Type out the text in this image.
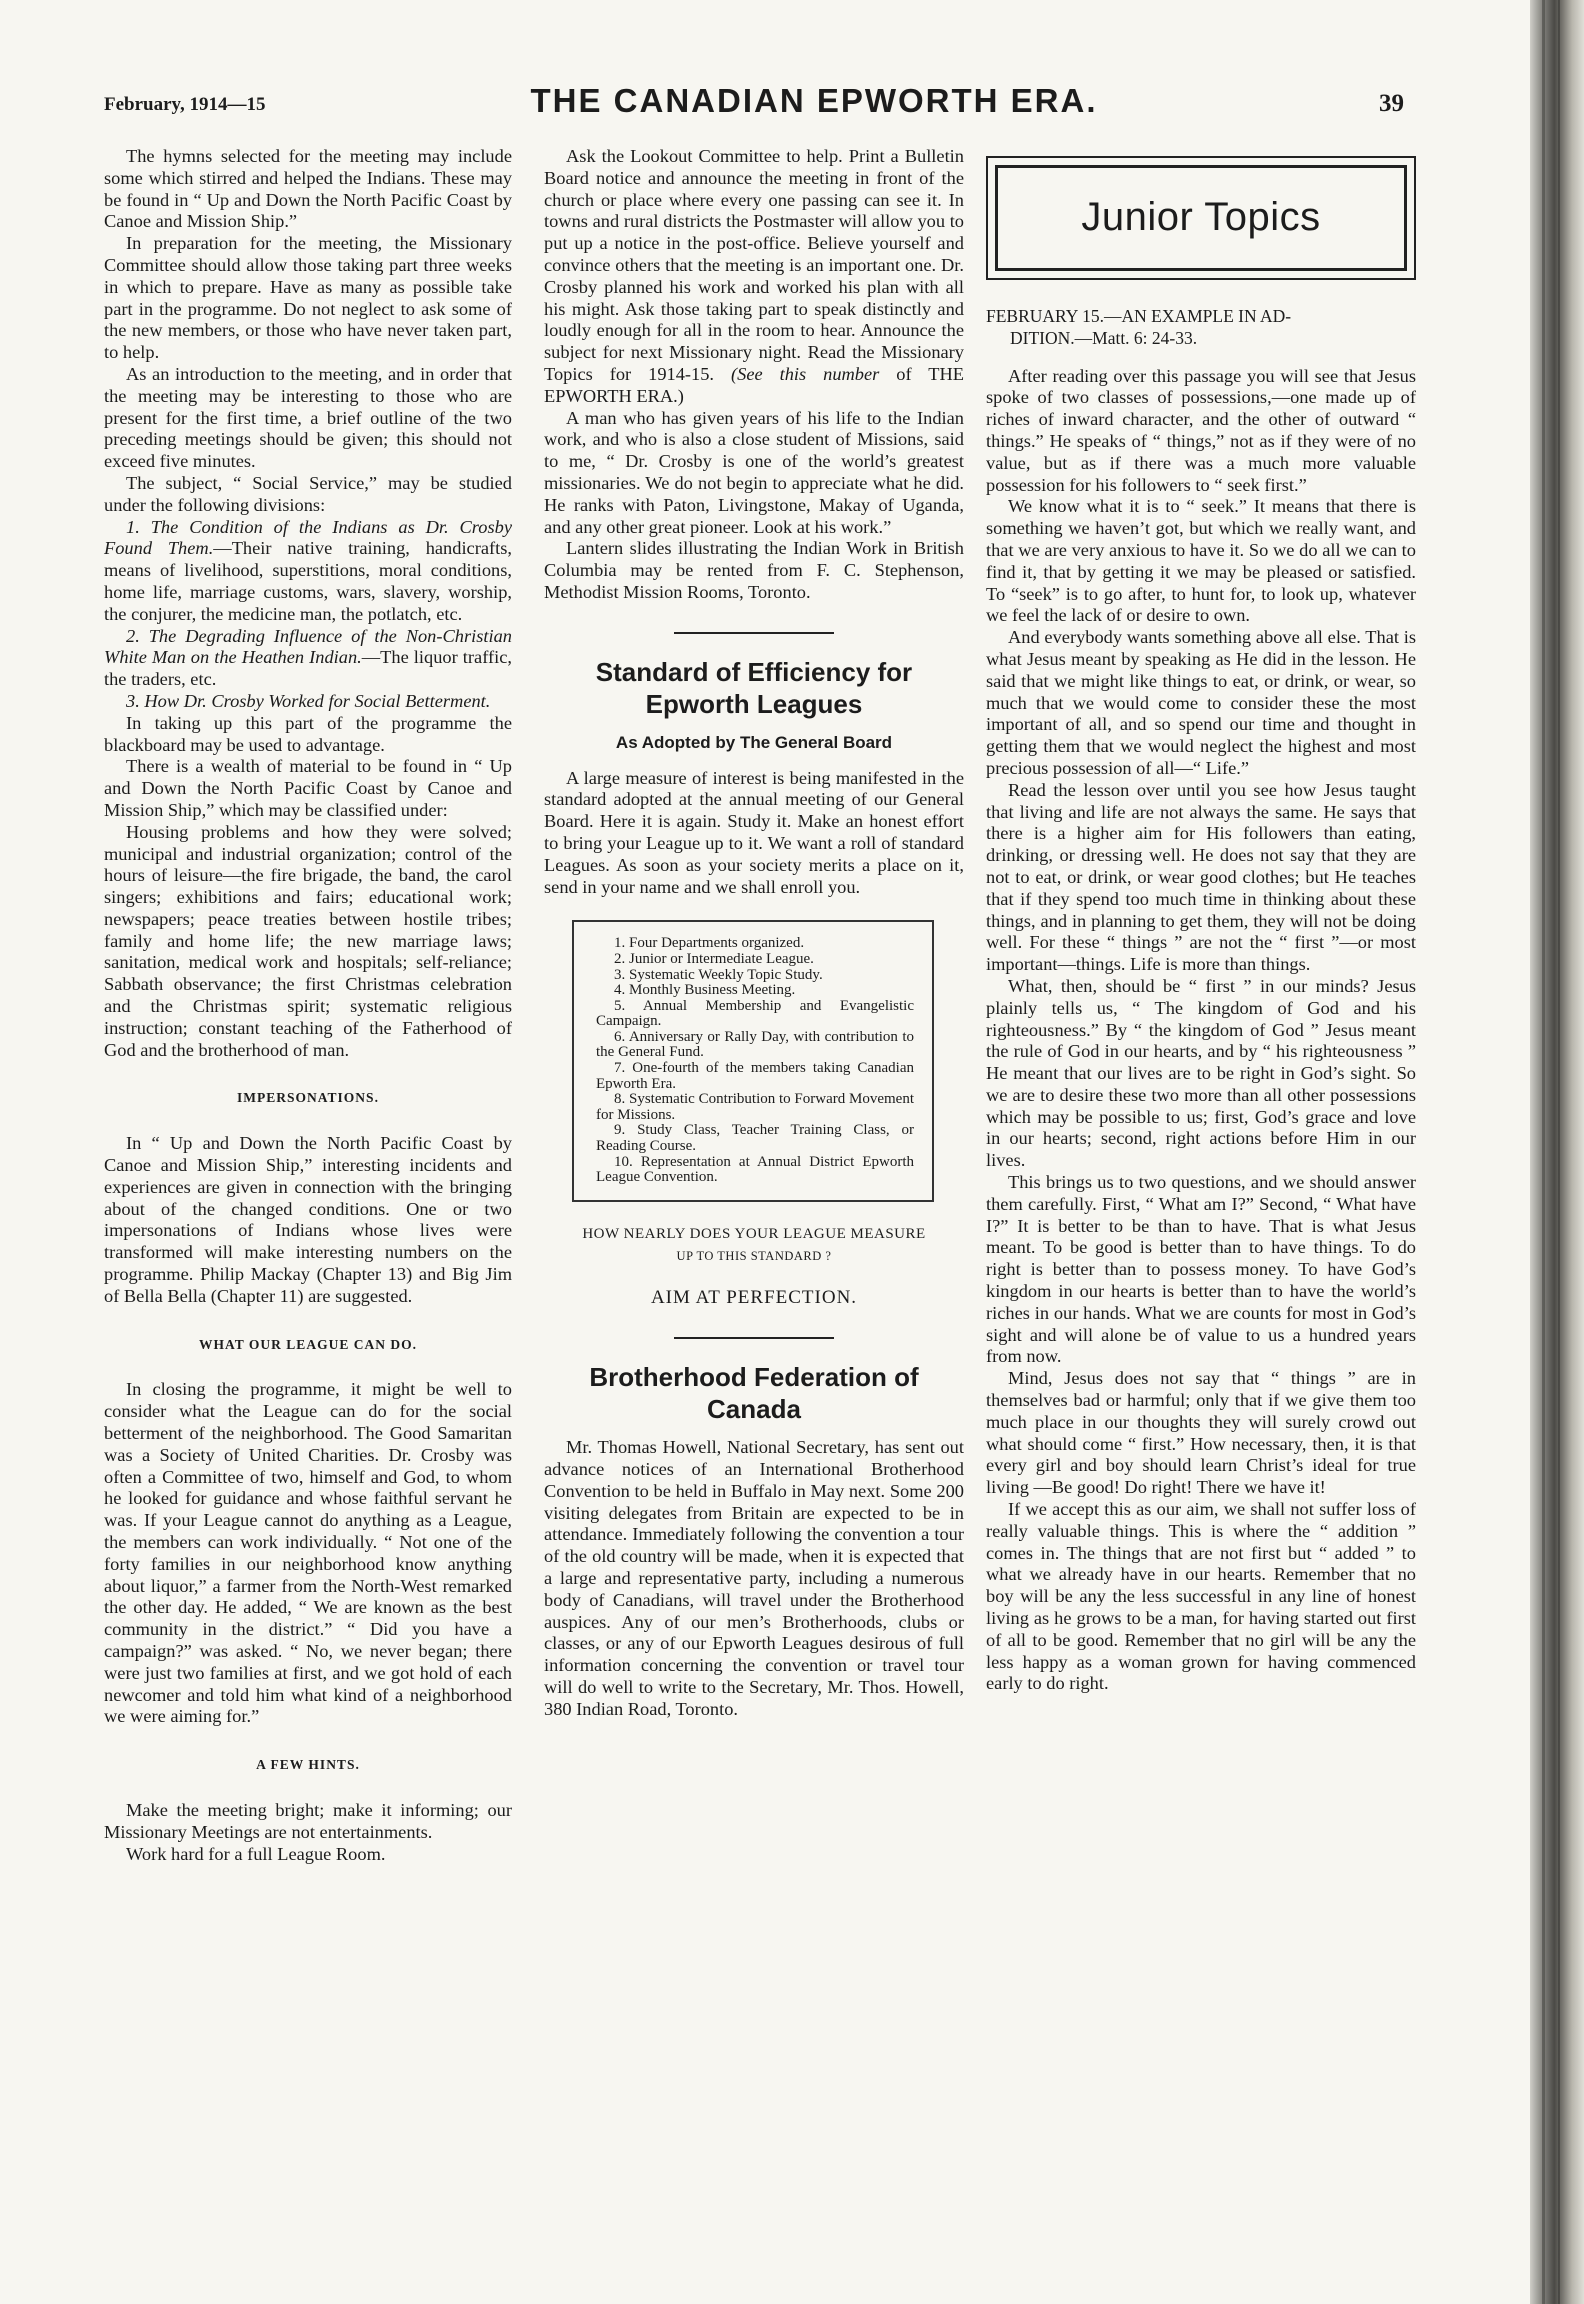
February, 1914—15	THE CANADIAN EPWORTH ERA.	39

The hymns selected for the meeting may include some which stirred and helped the Indians. These may be found in “ Up and Down the North Pacific Coast by Canoe and Mission Ship.”

In preparation for the meeting, the Missionary Committee should allow those taking part three weeks in which to prepare. Have as many as possible take part in the programme. Do not neglect to ask some of the new members, or those who have never taken part, to help.

As an introduction to the meeting, and in order that the meeting may be interesting to those who are present for the first time, a brief outline of the two preceding meetings should be given; this should not exceed five minutes.

The subject, “ Social Service,” may be studied under the following divisions:

1. The Condition of the Indians as Dr. Crosby Found Them.—Their native training, handicrafts, means of livelihood, superstitions, moral conditions, home life, marriage customs, wars, slavery, worship, the conjurer, the medicine man, the potlatch, etc.

2. The Degrading Influence of the Non-Christian White Man on the Heathen Indian.—The liquor traffic, the traders, etc.

3. How Dr. Crosby Worked for Social Betterment.

In taking up this part of the programme the blackboard may be used to advantage.

There is a wealth of material to be found in “ Up and Down the North Pacific Coast by Canoe and Mission Ship,” which may be classified under:

Housing problems and how they were solved; municipal and industrial organization; control of the hours of leisure—the fire brigade, the band, the carol singers; exhibitions and fairs; educational work; newspapers; peace treaties between hostile tribes; family and home life; the new marriage laws; sanitation, medical work and hospitals; self-reliance; Sabbath observance; the first Christmas celebration and the Christmas spirit; systematic religious instruction; constant teaching of the Fatherhood of God and the brotherhood of man.

IMPERSONATIONS.

In “ Up and Down the North Pacific Coast by Canoe and Mission Ship,” interesting incidents and experiences are given in connection with the bringing about of the changed conditions. One or two impersonations of Indians whose lives were transformed will make interesting numbers on the programme. Philip Mackay (Chapter 13) and Big Jim of Bella Bella (Chapter 11) are suggested.

WHAT OUR LEAGUE CAN DO.

In closing the programme, it might be well to consider what the League can do for the social betterment of the neighborhood. The Good Samaritan was a Society of United Charities. Dr. Crosby was often a Committee of two, himself and God, to whom he looked for guidance and whose faithful servant he was. If your League cannot do anything as a League, the members can work individually. “ Not one of the forty families in our neighborhood know anything about liquor,” a farmer from the North-West remarked the other day. He added, “ We are known as the best community in the district.” “ Did you have a campaign?” was asked. “ No, we never began; there were just two families at first, and we got hold of each newcomer and told him what kind of a neighborhood we were aiming for.”

A FEW HINTS.

Make the meeting bright; make it informing; our Missionary Meetings are not entertainments.

Work hard for a full League Room.

Ask the Lookout Committee to help. Print a Bulletin Board notice and announce the meeting in front of the church or place where every one passing can see it. In towns and rural districts the Postmaster will allow you to put up a notice in the post-office. Believe yourself and convince others that the meeting is an important one. Dr. Crosby planned his work and worked his plan with all his might. Ask those taking part to speak distinctly and loudly enough for all in the room to hear. Announce the subject for next Missionary night. Read the Missionary Topics for 1914-15. (See this number of THE EPWORTH ERA.)

A man who has given years of his life to the Indian work, and who is also a close student of Missions, said to me, “ Dr. Crosby is one of the world’s greatest missionaries. We do not begin to appreciate what he did. He ranks with Paton, Livingstone, Makay of Uganda, and any other great pioneer. Look at his work.”

Lantern slides illustrating the Indian Work in British Columbia may be rented from F. C. Stephenson, Methodist Mission Rooms, Toronto.

Standard of Efficiency for Epworth Leagues
As Adopted by The General Board

A large measure of interest is being manifested in the standard adopted at the annual meeting of our General Board. Here it is again. Study it. Make an honest effort to bring your League up to it. We want a roll of standard Leagues. As soon as your society merits a place on it, send in your name and we shall enroll you.

1. Four Departments organized.
2. Junior or Intermediate League.
3. Systematic Weekly Topic Study.
4. Monthly Business Meeting.
5. Annual Membership and Evangelistic Campaign.
6. Anniversary or Rally Day, with contribution to the General Fund.
7. One-fourth of the members taking Canadian Epworth Era.
8. Systematic Contribution to Forward Movement for Missions.
9. Study Class, Teacher Training Class, or Reading Course.
10. Representation at Annual District Epworth League Convention.
HOW NEARLY DOES YOUR LEAGUE MEASURE
UP TO THIS STANDARD ?
AIM AT PERFECTION.
Brotherhood Federation of Canada

Mr. Thomas Howell, National Secretary, has sent out advance notices of an International Brotherhood Convention to be held in Buffalo in May next. Some 200 visiting delegates from Britain are expected to be in attendance. Immediately following the convention a tour of the old country will be made, when it is expected that a large and representative party, including a numerous body of Canadians, will travel under the Brotherhood auspices. Any of our men’s Brotherhoods, clubs or classes, or any of our Epworth Leagues desirous of full information concerning the convention or travel tour will do well to write to the Secretary, Mr. Thos. Howell, 380 Indian Road, Toronto.

Junior Topics

FEBRUARY 15.—AN EXAMPLE IN AD-
DITION.—Matt. 6: 24-33.

After reading over this passage you will see that Jesus spoke of two classes of possessions,—one made up of riches of inward character, and the other of outward “ things.” He speaks of “ things,” not as if they were of no value, but as if there was a much more valuable possession for his followers to “ seek first.”

We know what it is to “ seek.” It means that there is something we haven’t got, but which we really want, and that we are very anxious to have it. So we do all we can to find it, that by getting it we may be pleased or satisfied. To “seek” is to go after, to hunt for, to look up, whatever we feel the lack of or desire to own.

And everybody wants something above all else. That is what Jesus meant by speaking as He did in the lesson. He said that we might like things to eat, or drink, or wear, so much that we would come to consider these the most important of all, and so spend our time and thought in getting them that we would neglect the highest and most precious possession of all—“ Life.”

Read the lesson over until you see how Jesus taught that living and life are not always the same. He says that there is a higher aim for His followers than eating, drinking, or dressing well. He does not say that they are not to eat, or drink, or wear good clothes; but He teaches that if they spend too much time in thinking about these things, and in planning to get them, they will not be doing well. For these “ things ” are not the “ first ”—or most important—things. Life is more than things.

What, then, should be “ first ” in our minds? Jesus plainly tells us, “ The kingdom of God and his righteousness.” By “ the kingdom of God ” Jesus meant the rule of God in our hearts, and by “ his righteousness ” He meant that our lives are to be right in God’s sight. So we are to desire these two more than all other possessions which may be possible to us; first, God’s grace and love in our hearts; second, right actions before Him in our lives.

This brings us to two questions, and we should answer them carefully. First, “ What am I?” Second, “ What have I?” It is better to be than to have. That is what Jesus meant. To be good is better than to have things. To do right is better than to possess money. To have God’s kingdom in our hearts is better than to have the world’s riches in our hands. What we are counts for most in God’s sight and will alone be of value to us a hundred years from now.

Mind, Jesus does not say that “ things ” are in themselves bad or harmful; only that if we give them too much place in our thoughts they will surely crowd out what should come “ first.” How necessary, then, it is that every girl and boy should learn Christ’s ideal for true living —Be good! Do right! There we have it!

If we accept this as our aim, we shall not suffer loss of really valuable things. This is where the “ addition ” comes in. The things that are not first but “ added ” to what we already have in our hearts. Remember that no boy will be any the less successful in any line of honest living as he grows to be a man, for having started out first of all to be good. Remember that no girl will be any the less happy as a woman grown for having commenced early to do right.
